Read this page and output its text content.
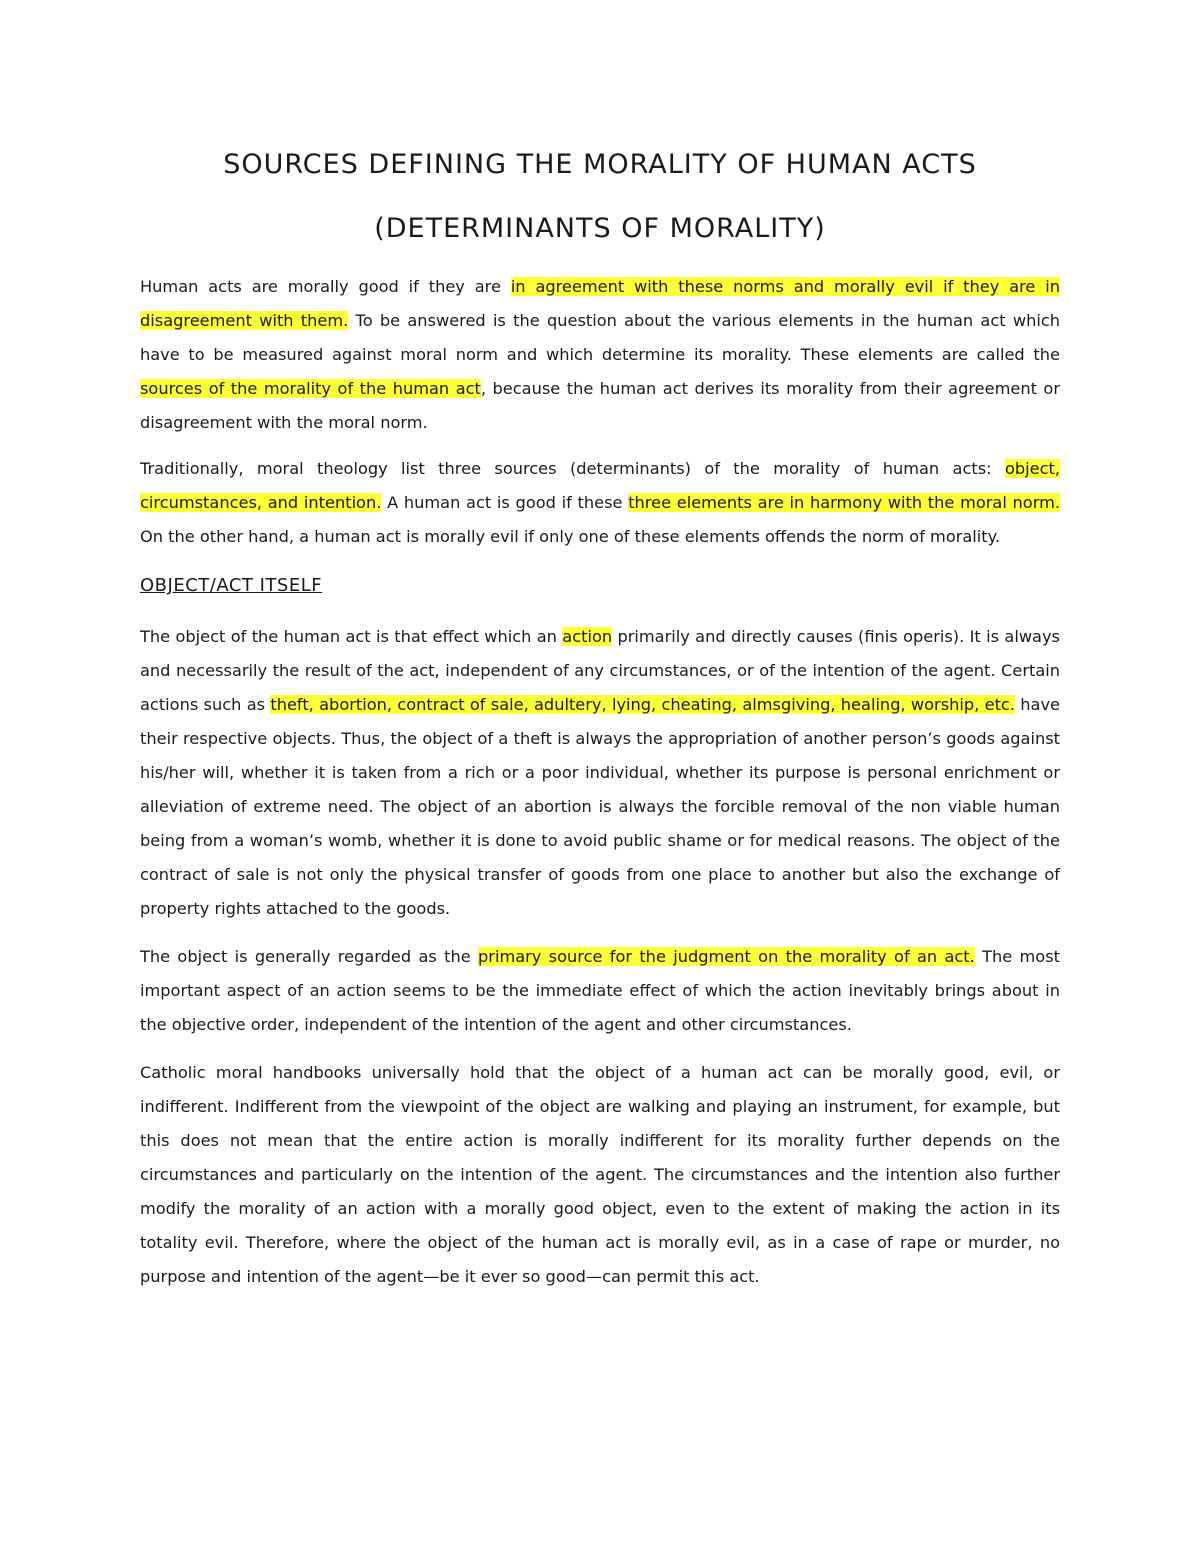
SOURCES DEFINING THE MORALITY OF HUMAN ACTS
(DETERMINANTS OF MORALITY)

Human acts are morally good if they are in agreement with these norms and morally evil if they are in disagreement with them. To be answered is the question about the various elements in the human act which have to be measured against moral norm and which determine its morality. These elements are called the sources of the morality of the human act, because the human act derives its morality from their agreement or disagreement with the moral norm.

Traditionally, moral theology list three sources (determinants) of the morality of human acts: object, circumstances, and intention. A human act is good if these three elements are in harmony with the moral norm. On the other hand, a human act is morally evil if only one of these elements offends the norm of morality.

OBJECT/ACT ITSELF

The object of the human act is that effect which an action primarily and directly causes (finis operis). It is always and necessarily the result of the act, independent of any circumstances, or of the intention of the agent. Certain actions such as theft, abortion, contract of sale, adultery, lying, cheating, almsgiving, healing, worship, etc. have their respective objects. Thus, the object of a theft is always the appropriation of another person’s goods against his/her will, whether it is taken from a rich or a poor individual, whether its purpose is personal enrichment or alleviation of extreme need. The object of an abortion is always the forcible removal of the non viable human being from a woman’s womb, whether it is done to avoid public shame or for medical reasons. The object of the contract of sale is not only the physical transfer of goods from one place to another but also the exchange of property rights attached to the goods.

The object is generally regarded as the primary source for the judgment on the morality of an act. The most important aspect of an action seems to be the immediate effect of which the action inevitably brings about in the objective order, independent of the intention of the agent and other circumstances.

Catholic moral handbooks universally hold that the object of a human act can be morally good, evil, or indifferent. Indifferent from the viewpoint of the object are walking and playing an instrument, for example, but this does not mean that the entire action is morally indifferent for its morality further depends on the circumstances and particularly on the intention of the agent. The circumstances and the intention also further modify the morality of an action with a morally good object, even to the extent of making the action in its totality evil. Therefore, where the object of the human act is morally evil, as in a case of rape or murder, no purpose and intention of the agent—be it ever so good—can permit this act.
